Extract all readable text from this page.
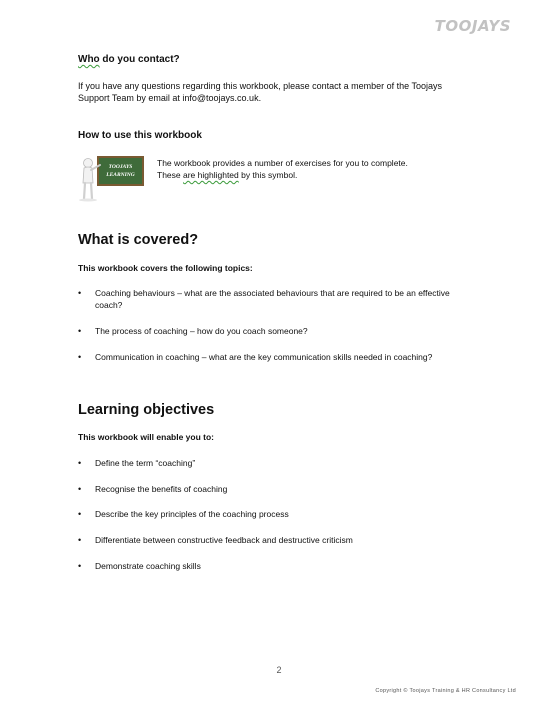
TOOJAYS
Who do you contact?
If you have any questions regarding this workbook, please contact a member of the Toojays
Support Team by email at info@toojays.co.uk.
How to use this workbook
TOOJAYS
LEARNING
The workbook provides a number of exercises for you to complete.
These are highlighted by this symbol.
What is covered?
This workbook covers the following topics:
• Coaching behaviours – what are the associated behaviours that are required to be an effective coach?
• The process of coaching – how do you coach someone?
• Communication in coaching – what are the key communication skills needed in coaching?
Learning objectives
This workbook will enable you to:
• Define the term “coaching”
• Recognise the benefits of coaching
• Describe the key principles of the coaching process
• Differentiate between constructive feedback and destructive criticism
• Demonstrate coaching skills
2
Copyright © Toojays Training & HR Consultancy Ltd
